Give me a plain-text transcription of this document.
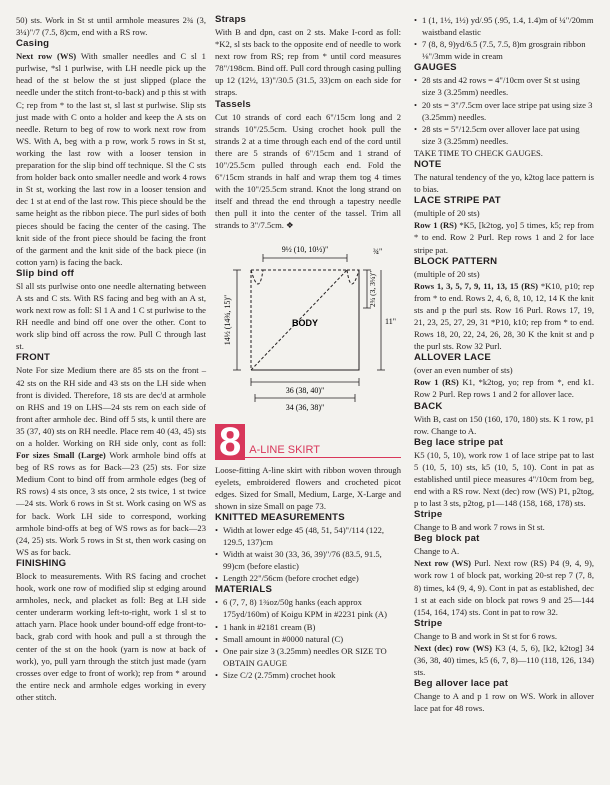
50) sts. Work in St st until armhole measures 2¾ (3, 3¼)"/7 (7.5, 8)cm, end with a RS row.

Casing

Next row (WS) With smaller needles and C sl 1 purlwise, *sl 1 purlwise, with LH needle pick up the head of the st below the st just slipped (place the needle under the stitch front-to-back) and p this st with C; rep from * to the last st, sl last st purlwise. Slip sts just made with C onto a holder and keep the A sts on needle. Return to beg of row to work next row from WS. With A, beg with a p row, work 5 rows in St st, working the last row with a looser tension in preparation for the slip bind off technique. Sl the C sts from holder back onto smaller needle and work 4 rows in St st, working the last row in a looser tension and dec 1 st at end of the last row. This piece should be the same height as the ribbon piece. The purl sides of both pieces should be facing the center of the casing. The knit side of the front piece should be facing the front of the garment and the knit side of the back piece (in cotton yarn) is facing the back.

Slip bind off

Sl all sts purlwise onto one needle alternating between A sts and C sts. With RS facing and beg with an A st, work next row as foll: Sl 1 A and 1 C st purlwise to the RH needle and bind off one over the other. Cont to work slip bind off across the row. Pull C through last st.

FRONT

Note For size Medium there are 85 sts on the front – 42 sts on the RH side and 43 sts on the LH side when front is divided. Therefore, 18 sts are dec'd at armhole on RHS and 19 on LHS—24 sts rem on each side of front after armhole dec. Bind off 5 sts, k until there are 35 (37, 40) sts on RH needle. Place rem 40 (43, 45) sts on a holder. Working on RH side only, cont as foll: For sizes Small (Large) Work armhole bind offs at beg of RS rows as for Back—23 (25) sts. For size Medium Cont to bind off from armhole edges (beg of RS rows) 4 sts once, 3 sts once, 2 sts twice, 1 st twice—24 sts. Work 6 rows in St st. Work casing on WS as for back. Work LH side to correspond, working armhole bind-offs at beg of WS rows as for back—23 (24, 25) sts. Work 5 rows in St st, then work casing on WS as for back.

FINISHING

Block to measurements. With RS facing and crochet hook, work one row of modified slip st edging around armholes, neck, and placket as foll: Beg at LH side center underarm working left-to-right, work 1 sl st to attach yarn. Place hook under bound-off edge front-to-back, grab cord with hook and pull a st through the center of the st on the hook (yarn is now at back of work), yo, pull yarn through the stitch just made (yarn crosses over edge to front of work); rep from * around the entire neck and armhole edges working in every other stitch.

Straps

With B and dpn, cast on 2 sts. Make I-cord as foll: *K2, sl sts back to the opposite end of needle to work next row from RS; rep from * until cord measures 78"/198cm. Bind off. Pull cord through casing pulling up 12 (12½, 13)"/30.5 (31.5, 33)cm on each side for straps.

Tassels

Cut 10 strands of cord each 6"/15cm long and 2 strands 10"/25.5cm. Using crochet hook pull the strands 2 at a time through each end of the cord until there are 5 strands of 6"/15cm and 1 strand of 10"/25.5cm pulled through each end. Fold the 6"/15cm strands in half and wrap them tog 4 times with the 10"/25.5cm strand. Knot the long strand on itself and thread the end through a tapestry needle then pull it into the center of the tassel. Trim all strands to 3"/7.5cm. ❖

9½ (10, 10½)"	¾"
BODY
14½ (14¾, 15)"
2¾ (3, 3¼)"
11"
36 (38, 40)"
34 (36, 38)"
8 A-LINE SKIRT

Loose-fitting A-line skirt with ribbon woven through eyelets, embroidered flowers and crocheted picot edges. Sized for Small, Medium, Large, X-Large and shown in size Small on page 73.

KNITTED MEASUREMENTS
• Width at lower edge 45 (48, 51, 54)"/114 (122, 129.5, 137)cm
• Width at waist 30 (33, 36, 39)"/76 (83.5, 91.5, 99)cm (before elastic)
• Length 22"/56cm (before crochet edge)
MATERIALS
• 6 (7, 7, 8) 1¾oz/50g hanks (each approx 175yd/160m) of Koigu KPM in #2231 pink (A)
• 1 hank in #2181 cream (B)
• Small amount in #0000 natural (C)
• One pair size 3 (3.25mm) needles OR SIZE TO OBTAIN GAUGE
• Size C/2 (2.75mm) crochet hook
• 1 (1, 1½, 1½) yd/.95 (.95, 1.4, 1.4)m of ¼"/20mm waistband elastic
• 7 (8, 8, 9)yd/6.5 (7.5, 7.5, 8)m grosgrain ribbon ⅛"/3mm wide in cream
GAUGES
• 28 sts and 42 rows = 4"/10cm over St st using size 3 (3.25mm) needles.
• 20 sts = 3"/7.5cm over lace stripe pat using size 3 (3.25mm) needles.
• 28 sts = 5"/12.5cm over allover lace pat using size 3 (3.25mm) needles.

TAKE TIME TO CHECK GAUGES.

NOTE

The natural tendency of the yo, k2tog lace pattern is to bias.

LACE STRIPE PAT

(multiple of 20 sts)

Row 1 (RS) *K5, [k2tog, yo] 5 times, k5; rep from * to end. Row 2 Purl. Rep rows 1 and 2 for lace stripe pat.

BLOCK PATTERN

(multiple of 20 sts)

Rows 1, 3, 5, 7, 9, 11, 13, 15 (RS) *K10, p10; rep from * to end. Rows 2, 4, 6, 8, 10, 12, 14 K the knit sts and p the purl sts. Row 16 Purl. Rows 17, 19, 21, 23, 25, 27, 29, 31 *P10, k10; rep from * to end. Rows 18, 20, 22, 24, 26, 28, 30 K the knit st and p the purl sts. Row 32 Purl.

ALLOVER LACE

(over an even number of sts)

Row 1 (RS) K1, *k2tog, yo; rep from *, end k1. Row 2 Purl. Rep rows 1 and 2 for allover lace.

BACK

With B, cast on 150 (160, 170, 180) sts. K 1 row, p1 row. Change to A.

Beg lace stripe pat

K5 (10, 5, 10), work row 1 of lace stripe pat to last 5 (10, 5, 10) sts, k5 (10, 5, 10). Cont in pat as established until piece measures 4"/10cm from beg, end with a RS row. Next (dec) row (WS) P1, p2tog, p to last 3 sts, p2tog, p1—148 (158, 168, 178) sts.

Stripe

Change to B and work 7 rows in St st.

Beg block pat

Change to A.

Next row (WS) Purl. Next row (RS) P4 (9, 4, 9), work row 1 of block pat, working 20-st rep 7 (7, 8, 8) times, k4 (9, 4, 9). Cont in pat as established, dec 1 st at each side on block pat rows 9 and 25—144 (154, 164, 174) sts. Cont in pat to row 32.

Stripe

Change to B and work in St st for 6 rows.

Next (dec) row (WS) K3 (4, 5, 6), [k2, k2tog] 34 (36, 38, 40) times, k5 (6, 7, 8)—110 (118, 126, 134) sts.

Beg allover lace pat

Change to A and p 1 row on WS. Work in allover lace pat for 48 rows.
